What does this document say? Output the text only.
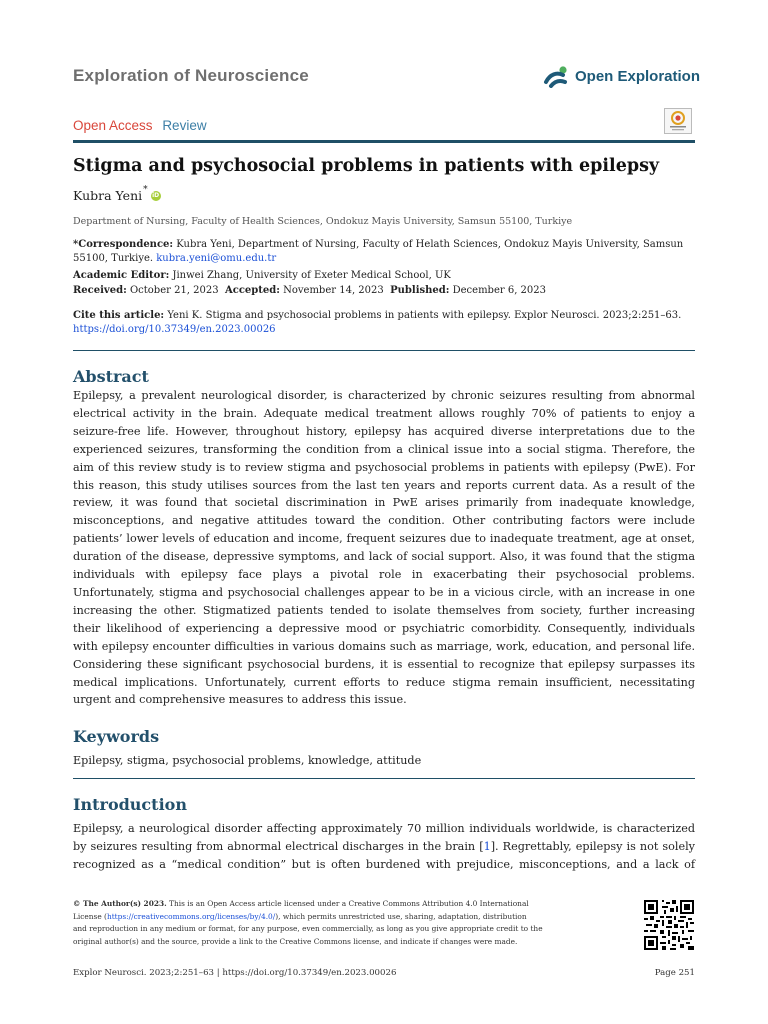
Exploration of Neuroscience	Open Exploration
Open Access Review
Stigma and psychosocial problems in patients with epilepsy
Kubra Yeni*
iD
Department of Nursing, Faculty of Health Sciences, Ondokuz Mayis University, Samsun 55100, Turkiye
*Correspondence: Kubra Yeni, Department of Nursing, Faculty of Helath Sciences, Ondokuz Mayis University, Samsun
55100, Turkiye. kubra.yeni@omu.edu.tr
Academic Editor: Jinwei Zhang, University of Exeter Medical School, UK
Received: October 21, 2023 Accepted: November 14, 2023 Published: December 6, 2023
Cite this article: Yeni K. Stigma and psychosocial problems in patients with epilepsy. Explor Neurosci. 2023;2:251–63.
https://doi.org/10.37349/en.2023.00026
Abstract
Epilepsy, a prevalent neurological disorder, is characterized by chronic seizures resulting from abnormal
electrical activity in the brain. Adequate medical treatment allows roughly 70% of patients to enjoy a
seizure-free life. However, throughout history, epilepsy has acquired diverse interpretations due to the
experienced seizures, transforming the condition from a clinical issue into a social stigma. Therefore, the
aim of this review study is to review stigma and psychosocial problems in patients with epilepsy (PwE). For
this reason, this study utilises sources from the last ten years and reports current data. As a result of the
review, it was found that societal discrimination in PwE arises primarily from inadequate knowledge,
misconceptions, and negative attitudes toward the condition. Other contributing factors were include
patients’ lower levels of education and income, frequent seizures due to inadequate treatment, age at onset,
duration of the disease, depressive symptoms, and lack of social support. Also, it was found that the stigma
individuals with epilepsy face plays a pivotal role in exacerbating their psychosocial problems.
Unfortunately, stigma and psychosocial challenges appear to be in a vicious circle, with an increase in one
increasing the other. Stigmatized patients tended to isolate themselves from society, further increasing
their likelihood of experiencing a depressive mood or psychiatric comorbidity. Consequently, individuals
with epilepsy encounter difficulties in various domains such as marriage, work, education, and personal life.
Considering these significant psychosocial burdens, it is essential to recognize that epilepsy surpasses its
medical implications. Unfortunately, current efforts to reduce stigma remain insufficient, necessitating
urgent and comprehensive measures to address this issue.
Keywords
Epilepsy, stigma, psychosocial problems, knowledge, attitude
Introduction
Epilepsy, a neurological disorder affecting approximately 70 million individuals worldwide, is characterized
by seizures resulting from abnormal electrical discharges in the brain [1]. Regrettably, epilepsy is not solely
recognized as a “medical condition” but is often burdened with prejudice, misconceptions, and a lack of
© The Author(s) 2023. This is an Open Access article licensed under a Creative Commons Attribution 4.0 International
License (https://creativecommons.org/licenses/by/4.0/), which permits unrestricted use, sharing, adaptation, distribution
and reproduction in any medium or format, for any purpose, even commercially, as long as you give appropriate credit to the
original author(s) and the source, provide a link to the Creative Commons license, and indicate if changes were made.
Explor Neurosci. 2023;2:251–63 | https://doi.org/10.37349/en.2023.00026	Page 251
